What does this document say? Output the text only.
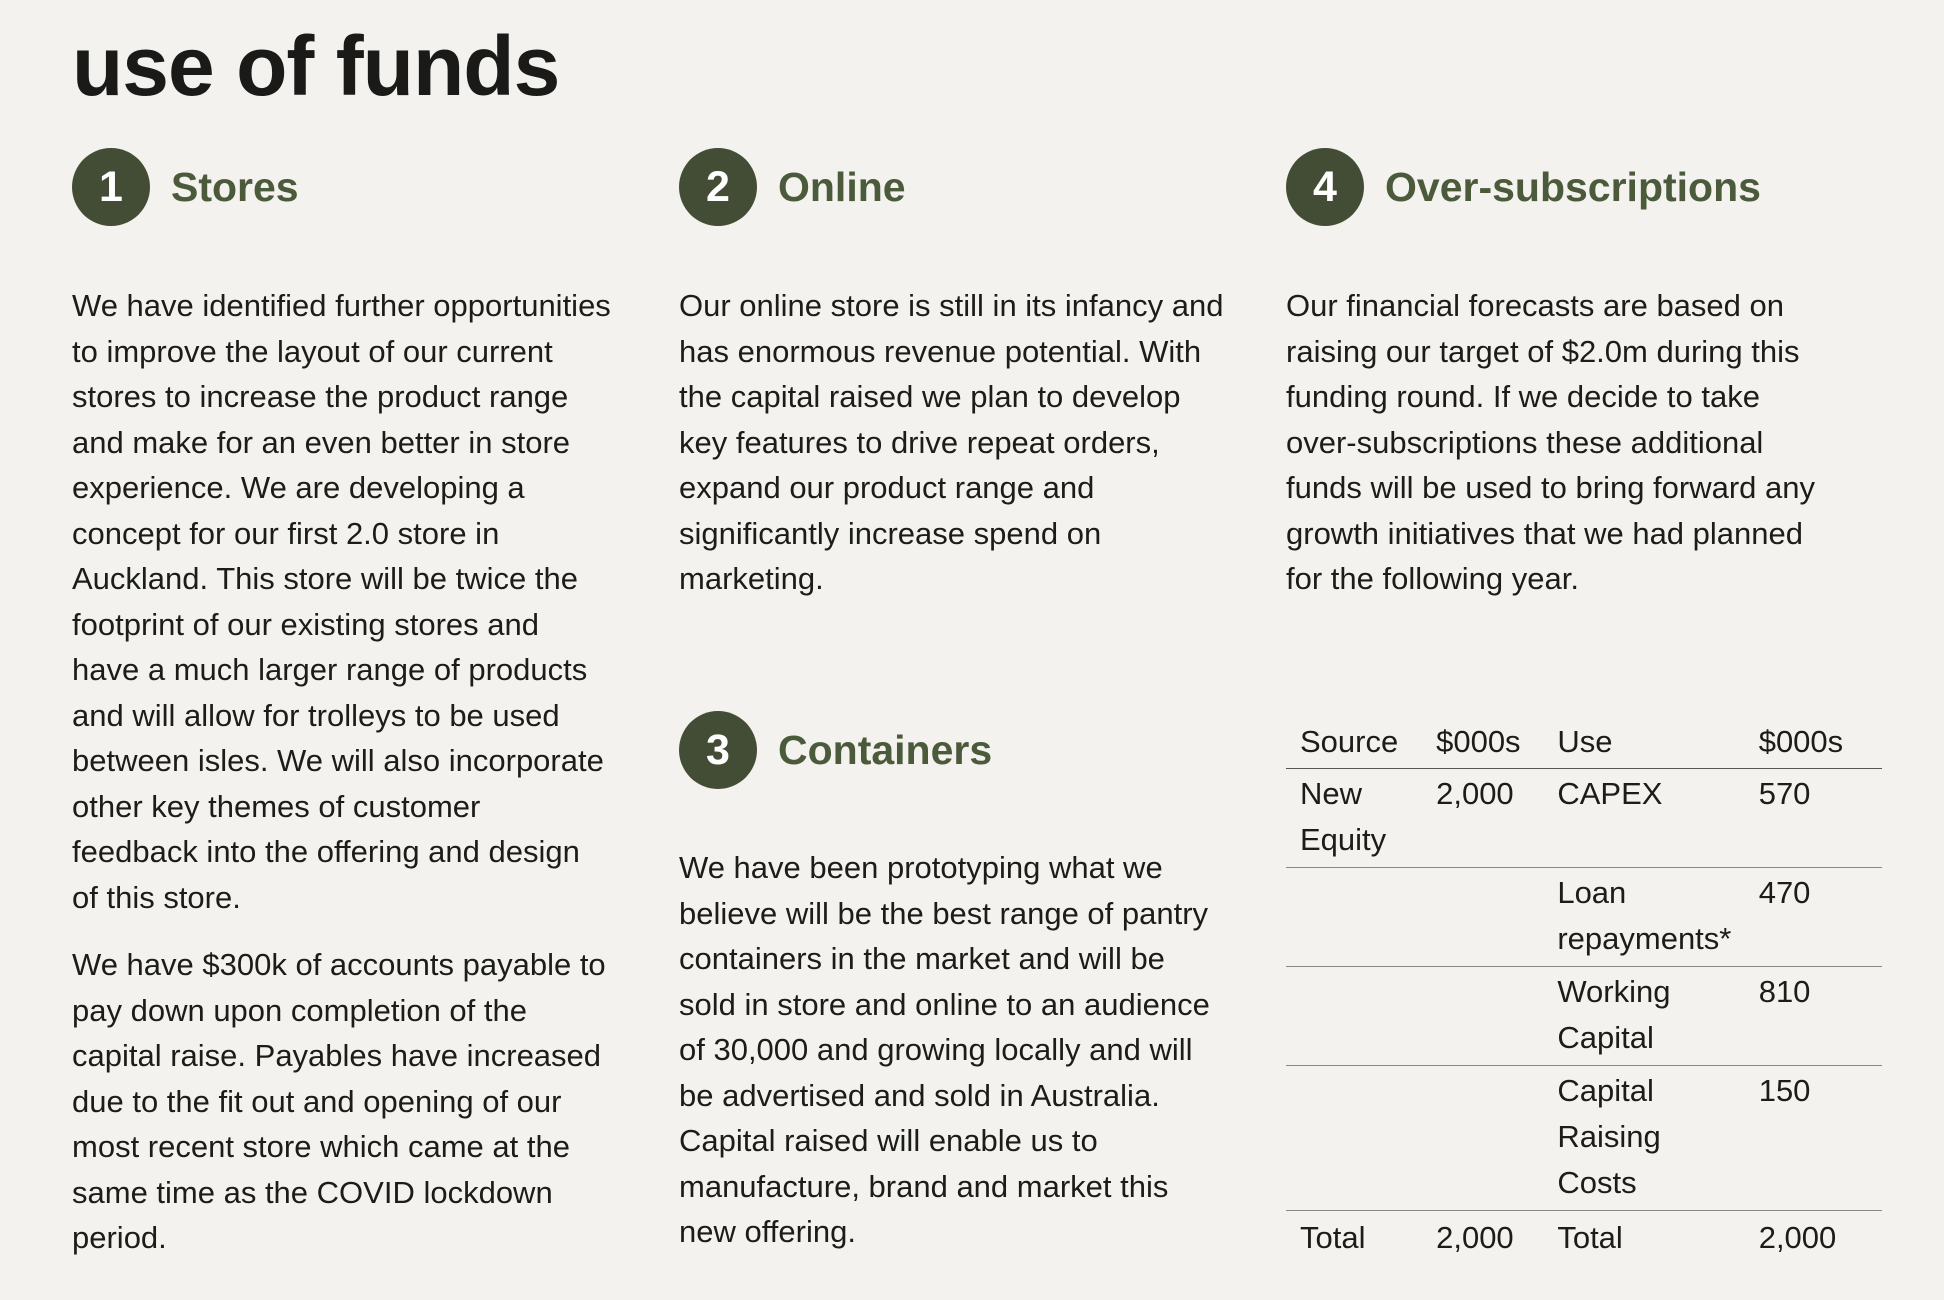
use of funds
1	Stores

We have identified further opportunities to improve the layout of our current stores to increase the product range and make for an even better in store experience. We are developing a concept for our first 2.0 store in Auckland. This store will be twice the footprint of our existing stores and have a much larger range of products and will allow for trolleys to be used between isles. We will also incorporate other key themes of customer feedback into the offering and design of this store.

We have $300k of accounts payable to pay down upon completion of the capital raise. Payables have increased due to the fit out and opening of our most recent store which came at the same time as the COVID lockdown period.

2	Online

Our online store is still in its infancy and has enormous revenue potential. With the capital raised we plan to develop key features to drive repeat orders, expand our product range and significantly increase spend on marketing.

3	Containers

We have been prototyping what we believe will be the best range of pantry containers in the market and will be sold in store and online to an audience of 30,000 and growing locally and will be advertised and sold in Australia. Capital raised will enable us to manufacture, brand and market this new offering.

4	Over-subscriptions

Our financial forecasts are based on raising our target of $2.0m during this funding round. If we decide to take over-subscriptions these additional funds will be used to bring forward any growth initiatives that we had planned for the following year.

Source	$000s	Use	$000s
New Equity	2,000	CAPEX	570
		Loan repayments*	470
		Working Capital	810
		Capital Raising Costs	150
Total	2,000	Total	2,000
